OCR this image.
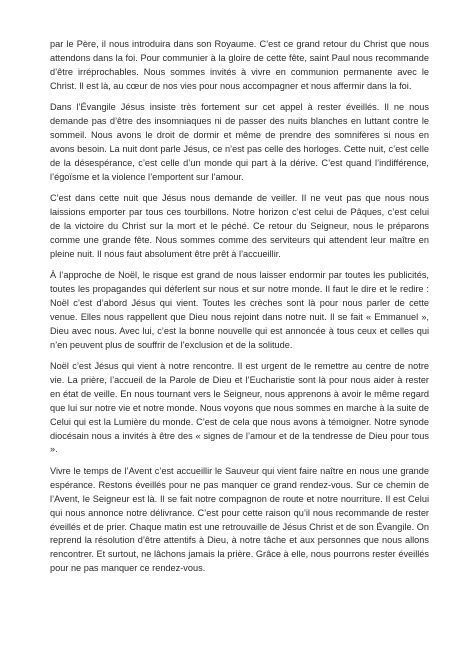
par le Père, il nous introduira dans son Royaume. C’est ce grand retour du Christ que nous attendons dans la foi. Pour communier à la gloire de cette fête, saint Paul nous recommande d’être irréprochables. Nous sommes invités à vivre en communion permanente avec le Christ. Il est là, au cœur de nos vies pour nous accompagner et nous affermir dans la foi.

Dans l’Évangile Jésus insiste très fortement sur cet appel à rester éveillés. Il ne nous demande pas d’être des insomniaques ni de passer des nuits blanches en luttant contre le sommeil. Nous avons le droit de dormir et même de prendre des somnifères si nous en avons besoin. La nuit dont parle Jésus, ce n’est pas celle des horloges. Cette nuit, c’est celle de la désespérance, c’est celle d’un monde qui part à la dérive. C’est quand l’indifférence, l’égoïsme et la violence l’emportent sur l’amour.

C’est dans cette nuit que Jésus nous demande de veiller. Il ne veut pas que nous nous laissions emporter par tous ces tourbillons. Notre horizon c’est celui de Pâques, c’est celui de la victoire du Christ sur la mort et le péché. Ce retour du Seigneur, nous le préparons comme une grande fête. Nous sommes comme des serviteurs qui attendent leur maître en pleine nuit. Il nous faut absolument être prêt à l’accueillir.

À l’approche de Noël, le risque est grand de nous laisser endormir par toutes les publicités, toutes les propagandes qui déferlent sur nous et sur notre monde. Il faut le dire et le redire : Noël c’est d’abord Jésus qui vient. Toutes les crèches sont là pour nous parler de cette venue. Elles nous rappellent que Dieu nous rejoint dans notre nuit. Il se fait « Emmanuel », Dieu avec nous. Avec lui, c’est la bonne nouvelle qui est annoncée à tous ceux et celles qui n’en peuvent plus de souffrir de l’exclusion et de la solitude.

Noël c’est Jésus qui vient à notre rencontre. Il est urgent de le remettre au centre de notre vie. La prière, l’accueil de la Parole de Dieu et l’Eucharistie sont là pour nous aider à rester en état de veille. En nous tournant vers le Seigneur, nous apprenons à avoir le même regard que lui sur notre vie et notre monde. Nous voyons que nous sommes en marche à la suite de Celui qui est la Lumière du monde. C’est de cela que nous avons à témoigner. Notre synode diocésain nous a invités à être des « signes de l’amour et de la tendresse de Dieu pour tous ».

Vivre le temps de l’Avent c’est accueillir le Sauveur qui vient faire naître en nous une grande espérance. Restons éveillés pour ne pas manquer ce grand rendez-vous. Sur ce chemin de l’Avent, le Seigneur est là. Il se fait notre compagnon de route et notre nourriture. Il est Celui qui nous annonce notre délivrance. C’est pour cette raison qu’il nous recommande de rester éveillés et de prier. Chaque matin est une retrouvaille de Jésus Christ et de son Évangile. On reprend la résolution d’être attentifs à Dieu, à notre tâche et aux personnes que nous allons rencontrer. Et surtout, ne lâchons jamais la prière. Grâce à elle, nous pourrons rester éveillés pour ne pas manquer ce rendez-vous.
